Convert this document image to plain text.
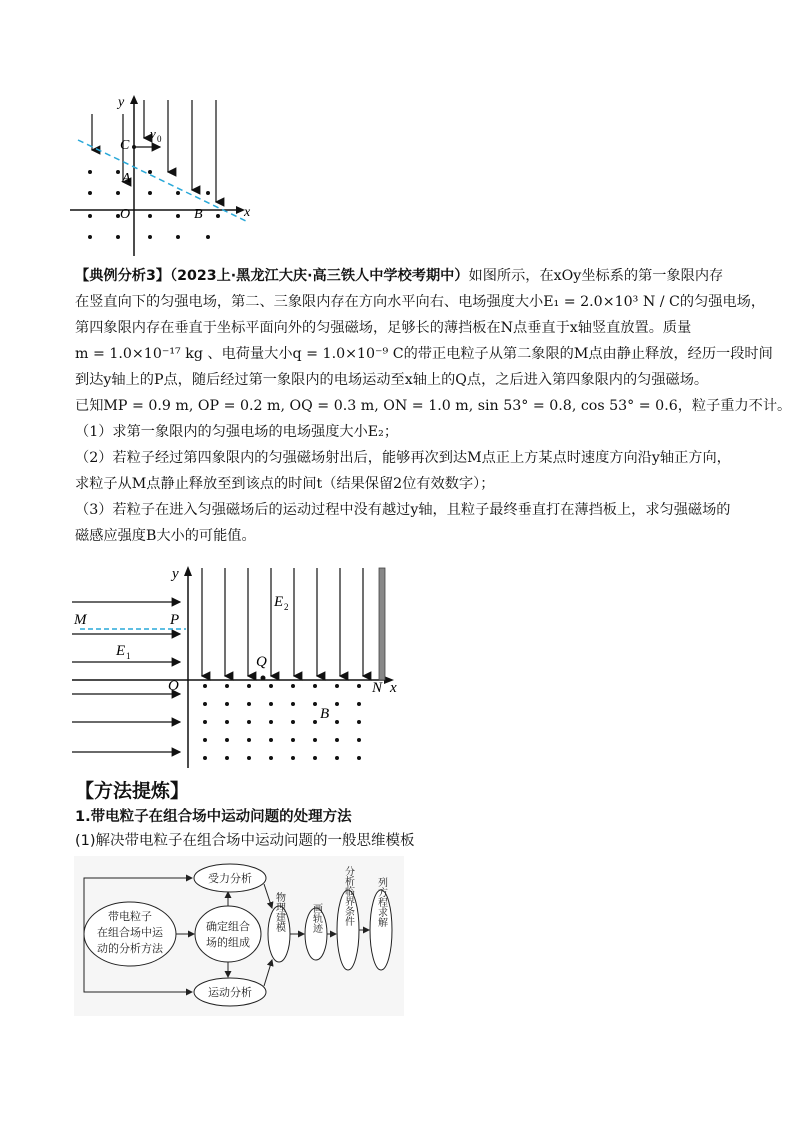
y
x
C
v 0
A
O	B
【典例分析3】（2023上·黑龙江大庆·高三铁人中学校考期中）如图所示，在xOy坐标系的第一象限内存
在竖直向下的匀强电场，第二、三象限内存在方向水平向右、电场强度大小E₁ = 2.0×10³ N / C的匀强电场，
第四象限内存在垂直于坐标平面向外的匀强磁场，足够长的薄挡板在N点垂直于x轴竖直放置。质量
m = 1.0×10⁻¹⁷ kg 、电荷量大小q = 1.0×10⁻⁹ C的带正电粒子从第二象限的M点由静止释放，经历一段时间
到达y轴上的P点，随后经过第一象限内的电场运动至x轴上的Q点，之后进入第四象限内的匀强磁场。
已知MP = 0.9 m, OP = 0.2 m, OQ = 0.3 m, ON = 1.0 m, sin 53° = 0.8, cos 53° = 0.6，粒子重力不计。
（1）求第一象限内的匀强电场的电场强度大小E₂；
（2）若粒子经过第四象限内的匀强磁场射出后，能够再次到达M点正上方某点时速度方向沿y轴正方向，
求粒子从M点静止释放至到该点的时间t（结果保留2位有效数字）；
（3）若粒子在进入匀强磁场后的运动过程中没有越过y轴，且粒子最终垂直打在薄挡板上，求匀强磁场的
磁感应强度B大小的可能值。
y
x
M	P
E 1
E 2
Q
O	N
B
【方法提炼】
1.带电粒子在组合场中运动问题的处理方法
(1)解决带电粒子在组合场中运动问题的一般思维模板
带电粒子
在组合场中运
动的分析方法
确定组合
场的组成
受力分析
运动分析
物理建模	画轨迹 分析临界条件 列方程求解
